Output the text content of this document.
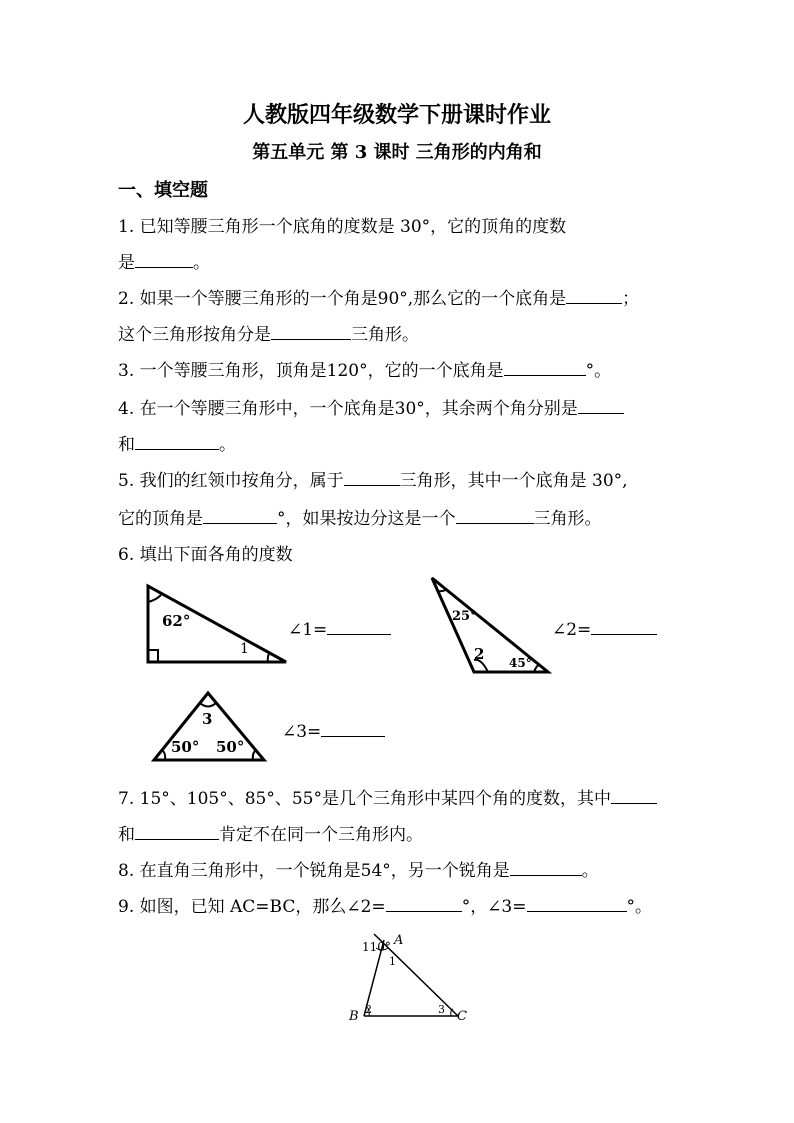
人教版四年级数学下册课时作业
第五单元 第 3 课时 三角形的内角和
一、填空题
1. 已知等腰三角形一个底角的度数是 30°，它的顶角的度数
是	。
2. 如果一个等腰三角形的一个角是90°,那么它的一个底角是	；
这个三角形按角分是	三角形。
3. 一个等腰三角形，顶角是120°，它的一个底角是	°。
4. 在一个等腰三角形中，一个底角是30°，其余两个角分别是
和	。
5. 我们的红领巾按角分，属于	三角形，其中一个底角是 30°,
它的顶角是	°，如果按边分这是一个	三角形。
6. 填出下面各角的度数
62°
1
∠1=
25°
2 45°
∠2=
3
50° 50°
∠3=
7. 15°、105°、85°、55°是几个三角形中某四个角的度数，其中
和	肯定不在同一个三角形内。
8. 在直角三角形中，一个锐角是54°，另一个锐角是	。
9. 如图，已知 AC=BC，那么∠2=	°，∠3=	°。
110° A
1
B 2	3 C
